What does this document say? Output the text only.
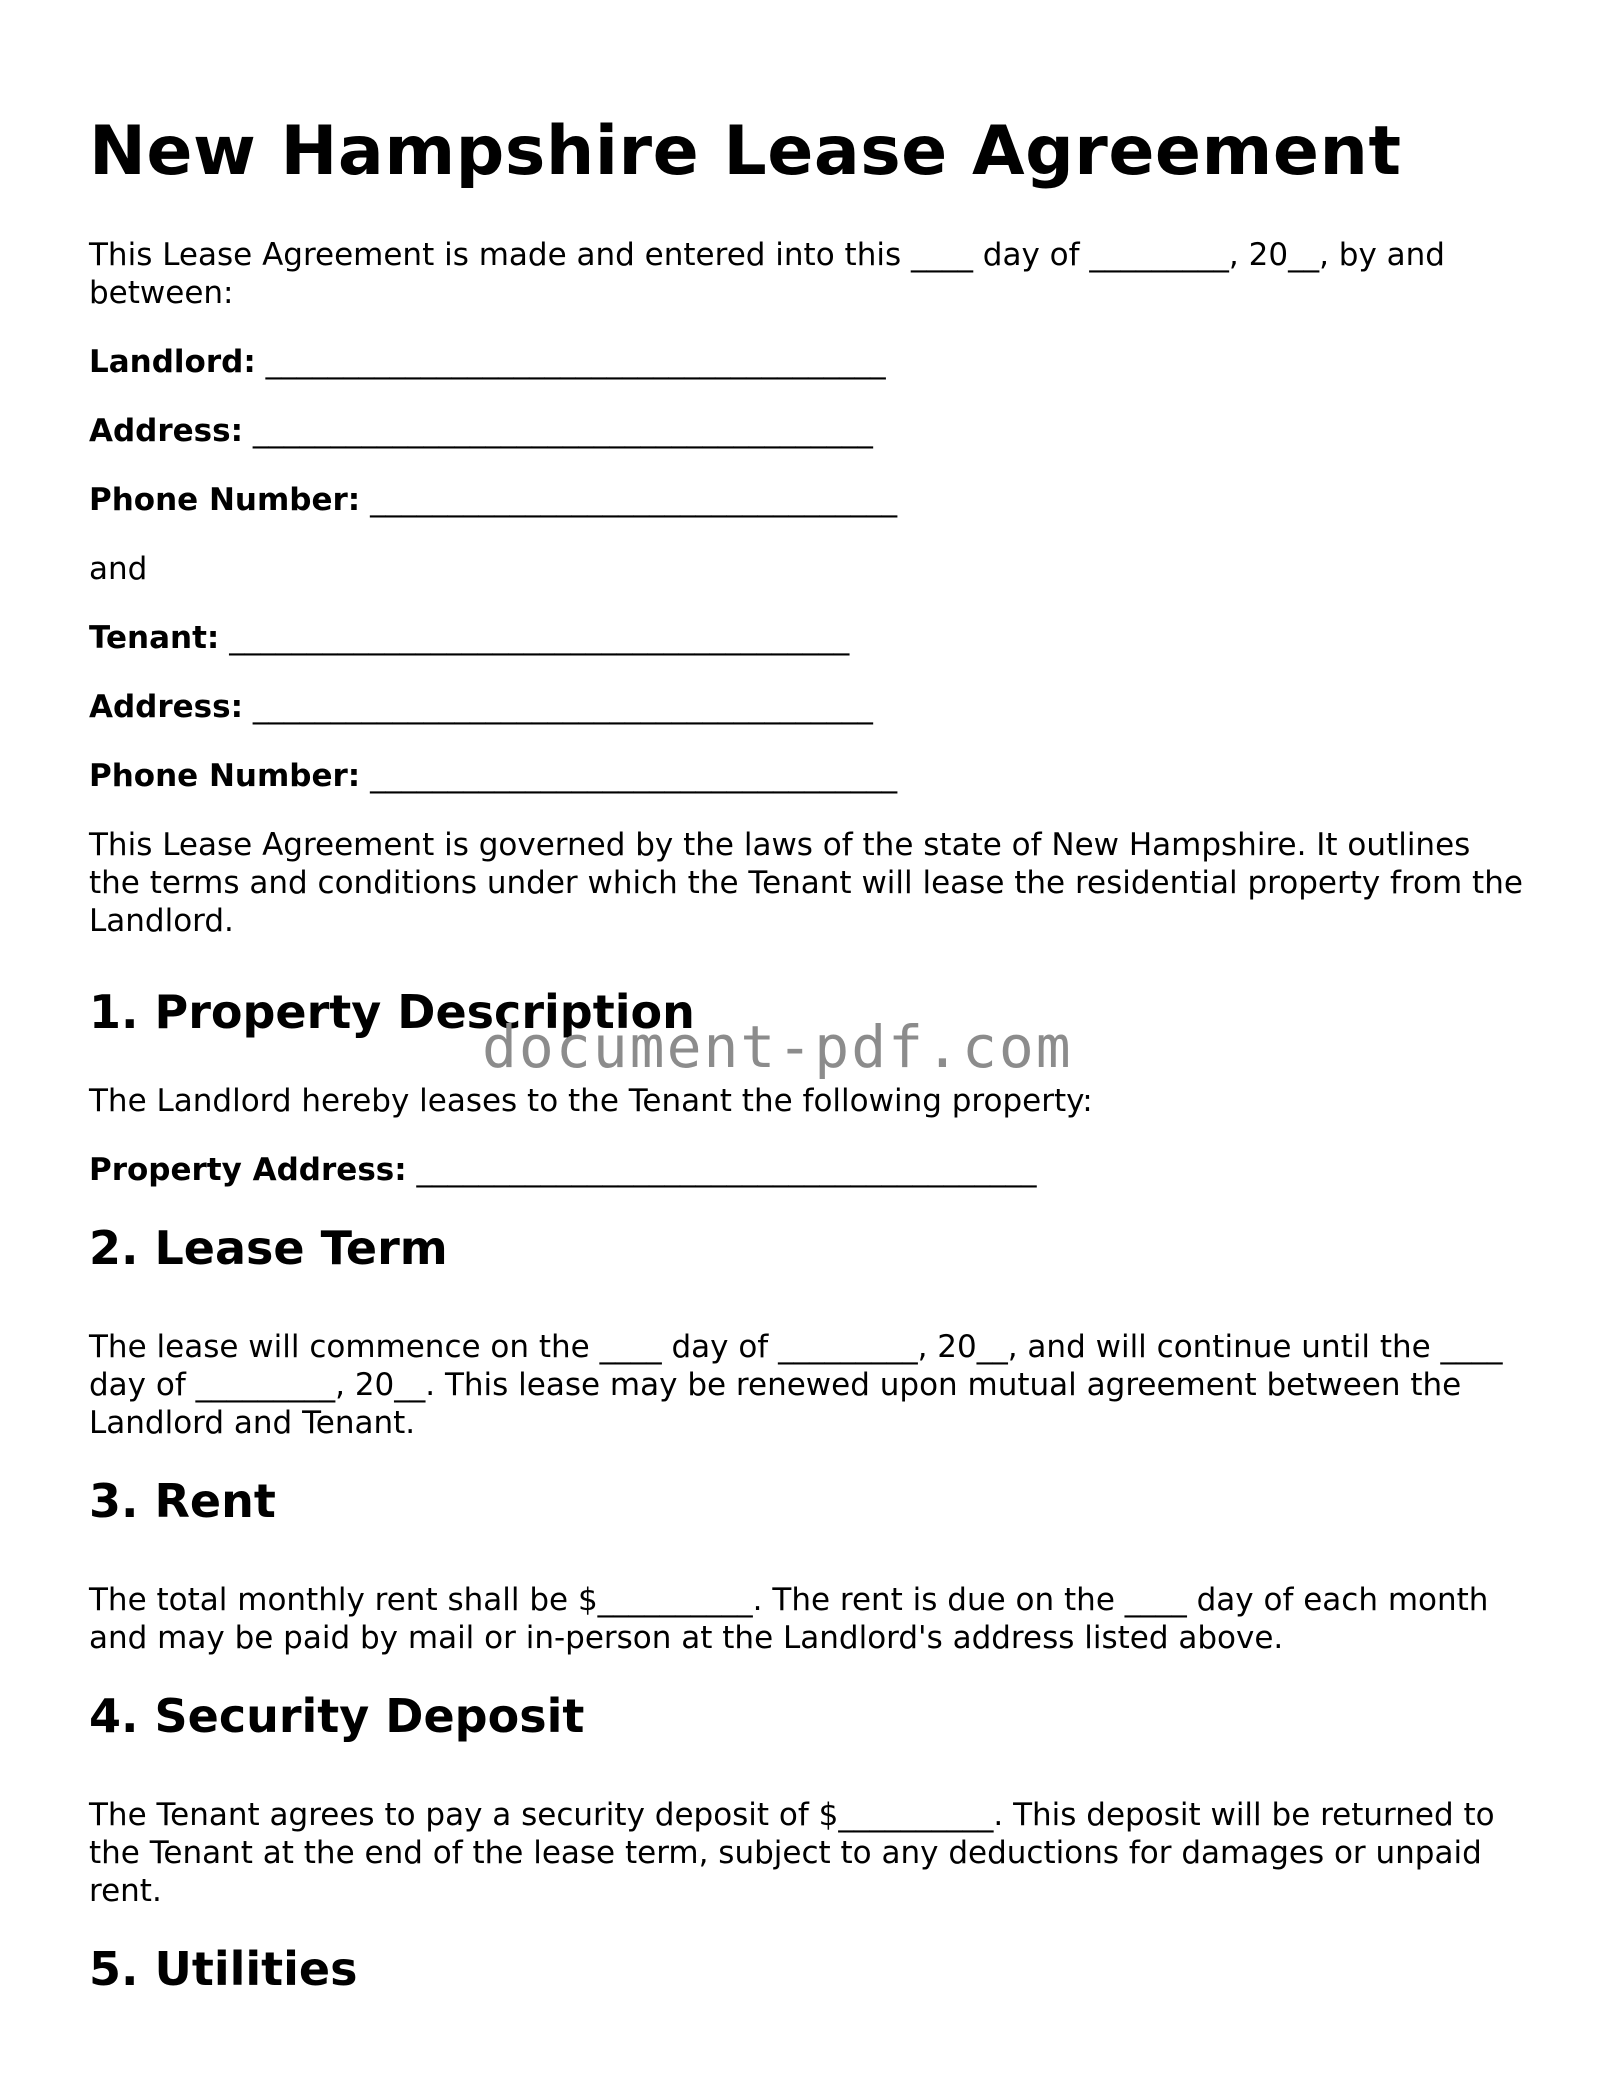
New Hampshire Lease Agreement

This Lease Agreement is made and entered into this ____ day of _________, 20__, by and between:

Landlord: ________________________________________

Address: ________________________________________

Phone Number: __________________________________

and

Tenant: ________________________________________

Address: ________________________________________

Phone Number: __________________________________

This Lease Agreement is governed by the laws of the state of New Hampshire. It outlines the terms and conditions under which the Tenant will lease the residential property from the Landlord.

1. Property Description

The Landlord hereby leases to the Tenant the following property:

Property Address: ________________________________________

2. Lease Term

The lease will commence on the ____ day of _________, 20__, and will continue until the ____ day of _________, 20__. This lease may be renewed upon mutual agreement between the Landlord and Tenant.

3. Rent

The total monthly rent shall be $__________. The rent is due on the ____ day of each month and may be paid by mail or in-person at the Landlord's address listed above.

4. Security Deposit

The Tenant agrees to pay a security deposit of $__________. This deposit will be returned to the Tenant at the end of the lease term, subject to any deductions for damages or unpaid rent.

5. Utilities
document-pdf.com
